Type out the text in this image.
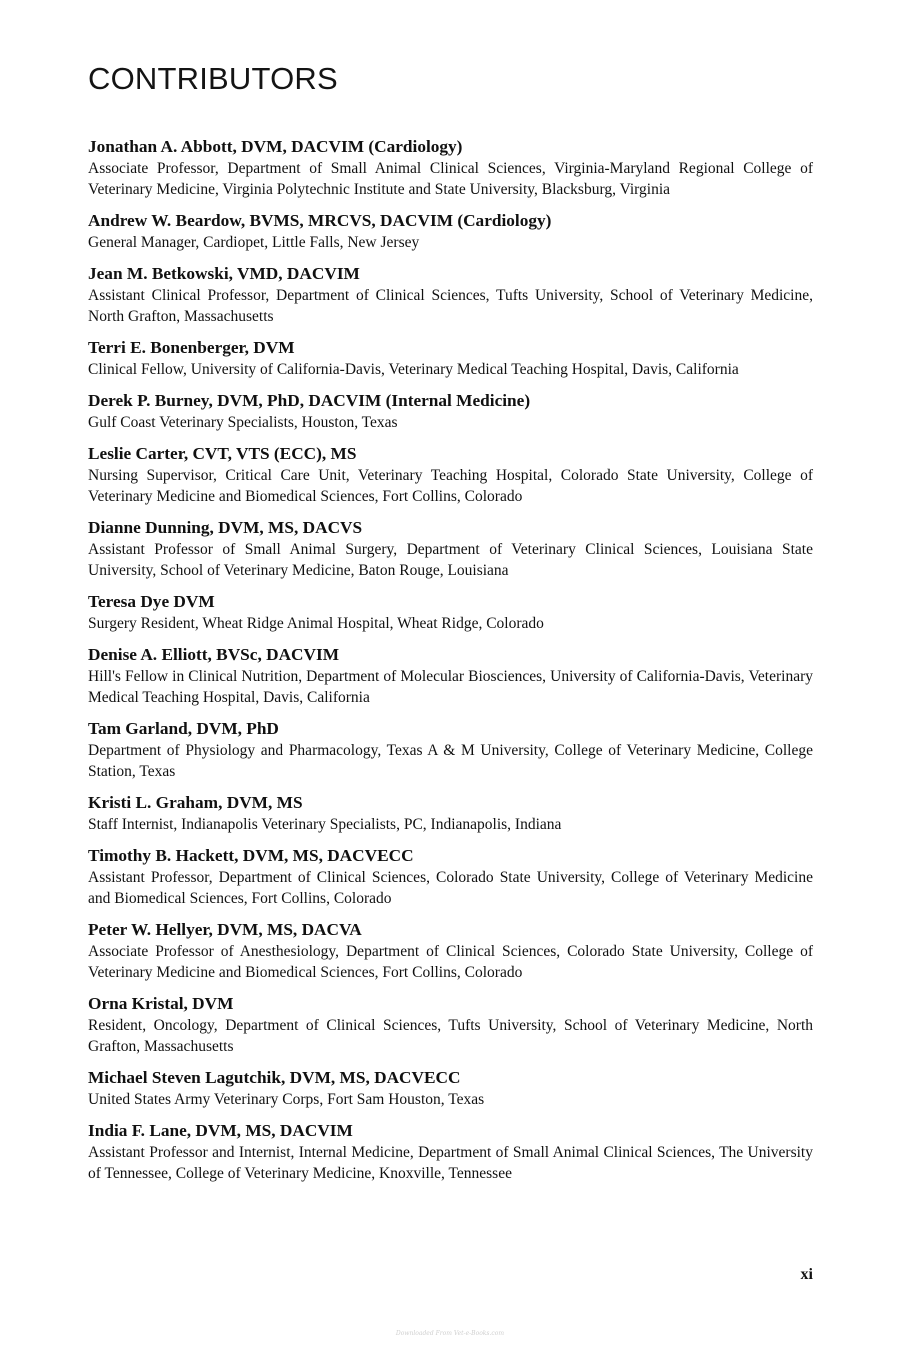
CONTRIBUTORS

Jonathan A. Abbott, DVM, DACVIM (Cardiology)

Associate Professor, Department of Small Animal Clinical Sciences, Virginia-Maryland Regional College of Veterinary Medicine, Virginia Polytechnic Institute and State University, Blacksburg, Virginia

Andrew W. Beardow, BVMS, MRCVS, DACVIM (Cardiology)

General Manager, Cardiopet, Little Falls, New Jersey

Jean M. Betkowski, VMD, DACVIM

Assistant Clinical Professor, Department of Clinical Sciences, Tufts University, School of Veterinary Medicine, North Grafton, Massachusetts

Terri E. Bonenberger, DVM

Clinical Fellow, University of California-Davis, Veterinary Medical Teaching Hospital, Davis, California

Derek P. Burney, DVM, PhD, DACVIM (Internal Medicine)

Gulf Coast Veterinary Specialists, Houston, Texas

Leslie Carter, CVT, VTS (ECC), MS

Nursing Supervisor, Critical Care Unit, Veterinary Teaching Hospital, Colorado State University, College of Veterinary Medicine and Biomedical Sciences, Fort Collins, Colorado

Dianne Dunning, DVM, MS, DACVS

Assistant Professor of Small Animal Surgery, Department of Veterinary Clinical Sciences, Louisiana State University, School of Veterinary Medicine, Baton Rouge, Louisiana

Teresa Dye DVM

Surgery Resident, Wheat Ridge Animal Hospital, Wheat Ridge, Colorado

Denise A. Elliott, BVSc, DACVIM

Hill's Fellow in Clinical Nutrition, Department of Molecular Biosciences, University of California-Davis, Veterinary Medical Teaching Hospital, Davis, California

Tam Garland, DVM, PhD

Department of Physiology and Pharmacology, Texas A & M University, College of Veterinary Medicine, College Station, Texas

Kristi L. Graham, DVM, MS

Staff Internist, Indianapolis Veterinary Specialists, PC, Indianapolis, Indiana

Timothy B. Hackett, DVM, MS, DACVECC

Assistant Professor, Department of Clinical Sciences, Colorado State University, College of Veterinary Medicine and Biomedical Sciences, Fort Collins, Colorado

Peter W. Hellyer, DVM, MS, DACVA

Associate Professor of Anesthesiology, Department of Clinical Sciences, Colorado State University, College of Veterinary Medicine and Biomedical Sciences, Fort Collins, Colorado

Orna Kristal, DVM

Resident, Oncology, Department of Clinical Sciences, Tufts University, School of Veterinary Medicine, North Grafton, Massachusetts

Michael Steven Lagutchik, DVM, MS, DACVECC

United States Army Veterinary Corps, Fort Sam Houston, Texas

India F. Lane, DVM, MS, DACVIM

Assistant Professor and Internist, Internal Medicine, Department of Small Animal Clinical Sciences, The University of Tennessee, College of Veterinary Medicine, Knoxville, Tennessee

xi
Downloaded From Vet-e-Books.com
